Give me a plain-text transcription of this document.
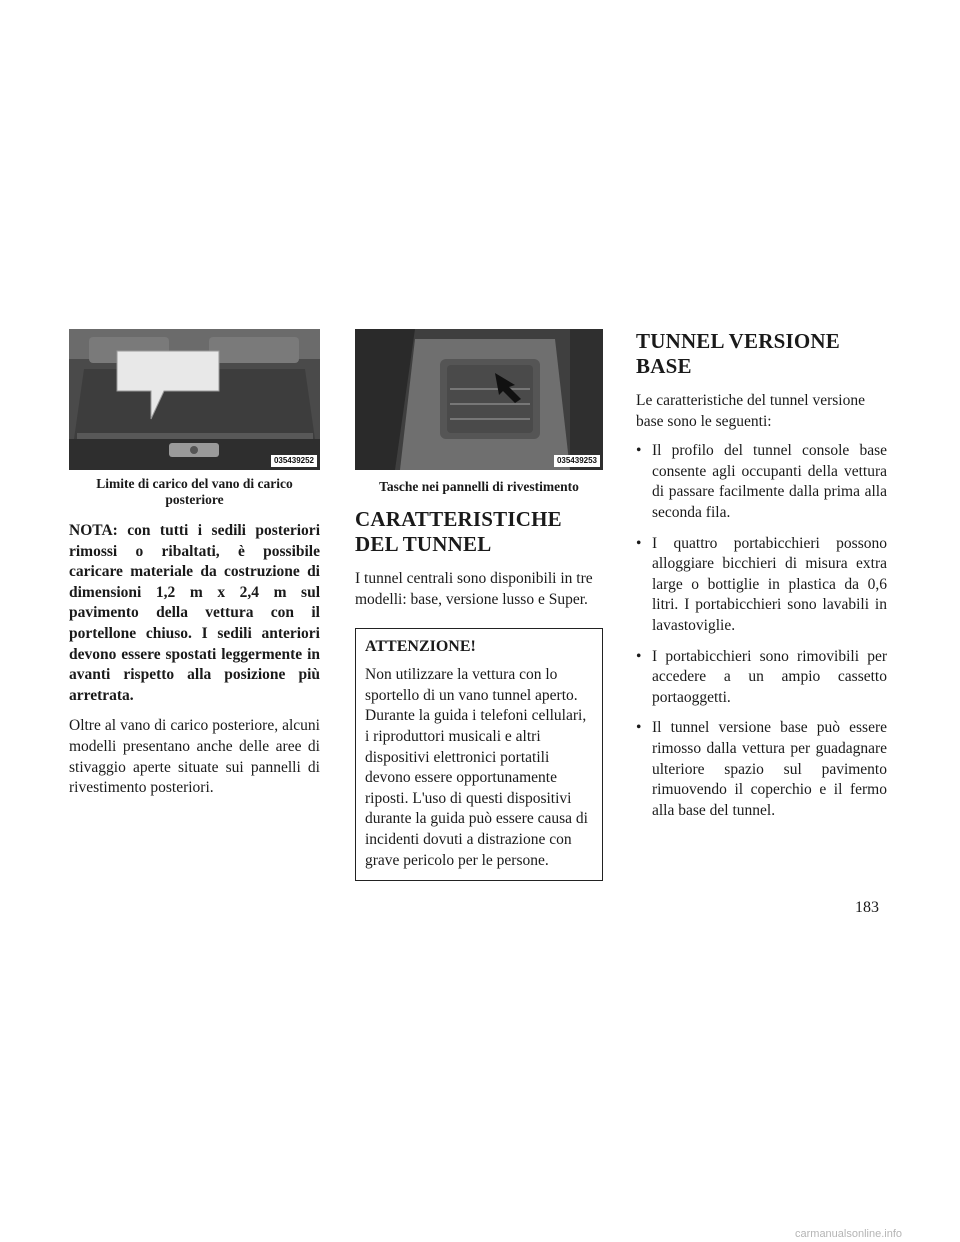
035439252
Limite di carico del vano di carico posteriore

NOTA: con tutti i sedili posteriori rimossi o ribaltati, è possibile caricare materiale da costruzione di dimensioni 1,2 m x 2,4 m sul pavimento della vettura con il portellone chiuso. I sedili anteriori devono essere spostati leggermente in avanti rispetto alla posizione più arretrata.

Oltre al vano di carico posteriore, alcuni modelli presentano anche delle aree di stivaggio aperte situate sui pannelli di rivestimento posteriori.

035439253
Tasche nei pannelli di rivestimento
CARATTERISTICHE DEL TUNNEL

I tunnel centrali sono disponibili in tre modelli: base, versione lusso e Super.

ATTENZIONE!

Non utilizzare la vettura con lo sportello di un vano tunnel aperto. Durante la guida i telefoni cellulari, i riproduttori musicali e altri dispositivi elettronici portatili devono essere opportunamente riposti. L'uso di questi dispositivi durante la guida può essere causa di incidenti dovuti a distrazione con grave pericolo per le persone.

TUNNEL VERSIONE BASE

Le caratteristiche del tunnel versione base sono le seguenti:

• Il profilo del tunnel console base consente agli occupanti della vettura di passare facilmente dalla prima alla seconda fila.
• I quattro portabicchieri possono alloggiare bicchieri di misura extra large o bottiglie in plastica da 0,6 litri. I portabicchieri sono lavabili in lavastoviglie.
• I portabicchieri sono rimovibili per accedere a un ampio cassetto portaoggetti.
• Il tunnel versione base può essere rimosso dalla vettura per guadagnare ulteriore spazio sul pavimento rimuovendo il coperchio e il fermo alla base del tunnel.
183
carmanualsonline.info
